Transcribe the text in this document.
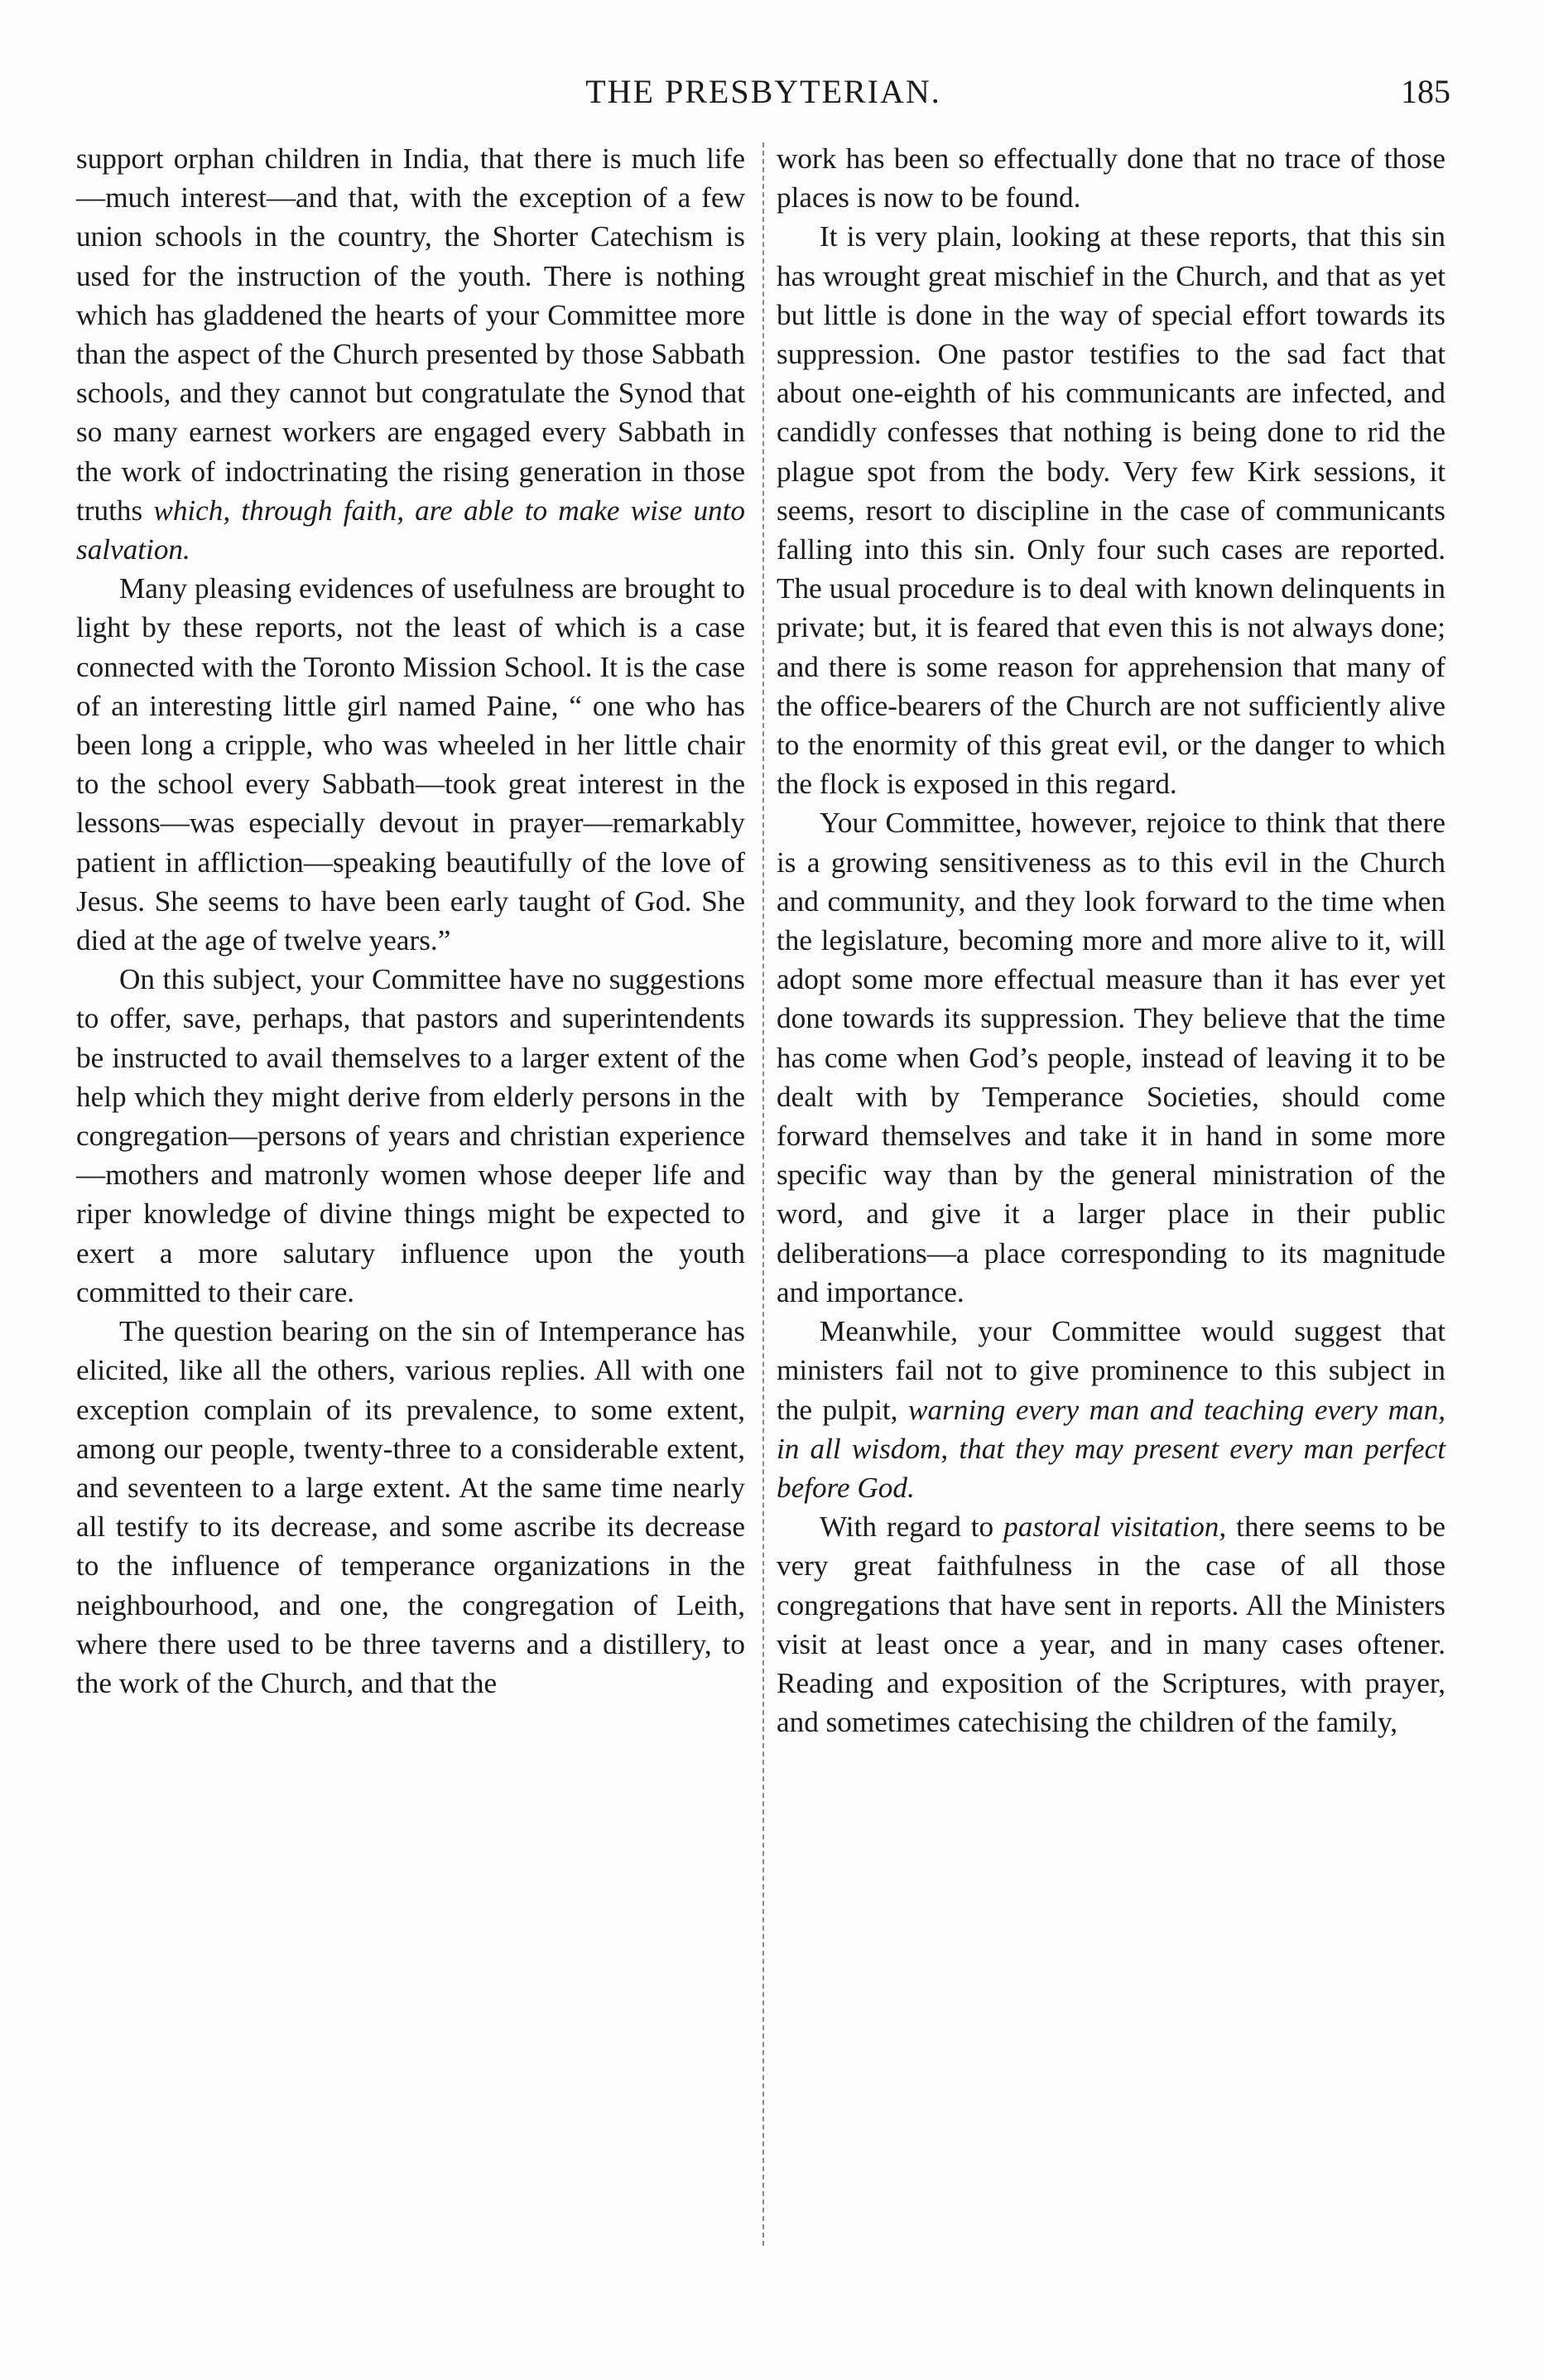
THE PRESBYTERIAN.	185

support orphan children in India, that there is much life—much interest—and that, with the exception of a few union schools in the country, the Shorter Catechism is used for the instruction of the youth. There is nothing which has gladdened the hearts of your Committee more than the aspect of the Church presented by those Sabbath schools, and they cannot but congratulate the Synod that so many earnest workers are engaged every Sabbath in the work of indoctrinating the rising generation in those truths which, through faith, are able to make wise unto salvation.

Many pleasing evidences of usefulness are brought to light by these reports, not the least of which is a case connected with the Toronto Mission School. It is the case of an interesting little girl named Paine, “ one who has been long a cripple, who was wheeled in her little chair to the school every Sabbath—took great interest in the lessons—was especially devout in prayer—remarkably patient in affliction—speaking beautifully of the love of Jesus. She seems to have been early taught of God. She died at the age of twelve years.”

On this subject, your Committee have no suggestions to offer, save, perhaps, that pastors and superintendents be instructed to avail themselves to a larger extent of the help which they might derive from elderly persons in the congregation—persons of years and christian experience—mothers and matronly women whose deeper life and riper knowledge of divine things might be expected to exert a more salutary influence upon the youth committed to their care.

The question bearing on the sin of Intemperance has elicited, like all the others, various replies. All with one exception complain of its prevalence, to some extent, among our people, twenty-three to a considerable extent, and seventeen to a large extent. At the same time nearly all testify to its decrease, and some ascribe its decrease to the influence of temperance organizations in the neighbourhood, and one, the congregation of Leith, where there used to be three taverns and a distillery, to the work of the Church, and that the

work has been so effectually done that no trace of those places is now to be found.

It is very plain, looking at these reports, that this sin has wrought great mischief in the Church, and that as yet but little is done in the way of special effort towards its suppression. One pastor testifies to the sad fact that about one-eighth of his communicants are infected, and candidly confesses that nothing is being done to rid the plague spot from the body. Very few Kirk sessions, it seems, resort to discipline in the case of communicants falling into this sin. Only four such cases are reported. The usual procedure is to deal with known delinquents in private; but, it is feared that even this is not always done; and there is some reason for apprehension that many of the office-bearers of the Church are not sufficiently alive to the enormity of this great evil, or the danger to which the flock is exposed in this regard.

Your Committee, however, rejoice to think that there is a growing sensitiveness as to this evil in the Church and community, and they look forward to the time when the legislature, becoming more and more alive to it, will adopt some more effectual measure than it has ever yet done towards its suppression. They believe that the time has come when God’s people, instead of leaving it to be dealt with by Temperance Societies, should come forward themselves and take it in hand in some more specific way than by the general ministration of the word, and give it a larger place in their public deliberations—a place corresponding to its magnitude and importance.

Meanwhile, your Committee would suggest that ministers fail not to give prominence to this subject in the pulpit, warning every man and teaching every man, in all wisdom, that they may present every man perfect before God.

With regard to pastoral visitation, there seems to be very great faithfulness in the case of all those congregations that have sent in reports. All the Ministers visit at least once a year, and in many cases oftener. Reading and exposition of the Scriptures, with prayer, and sometimes catechising the children of the family,
